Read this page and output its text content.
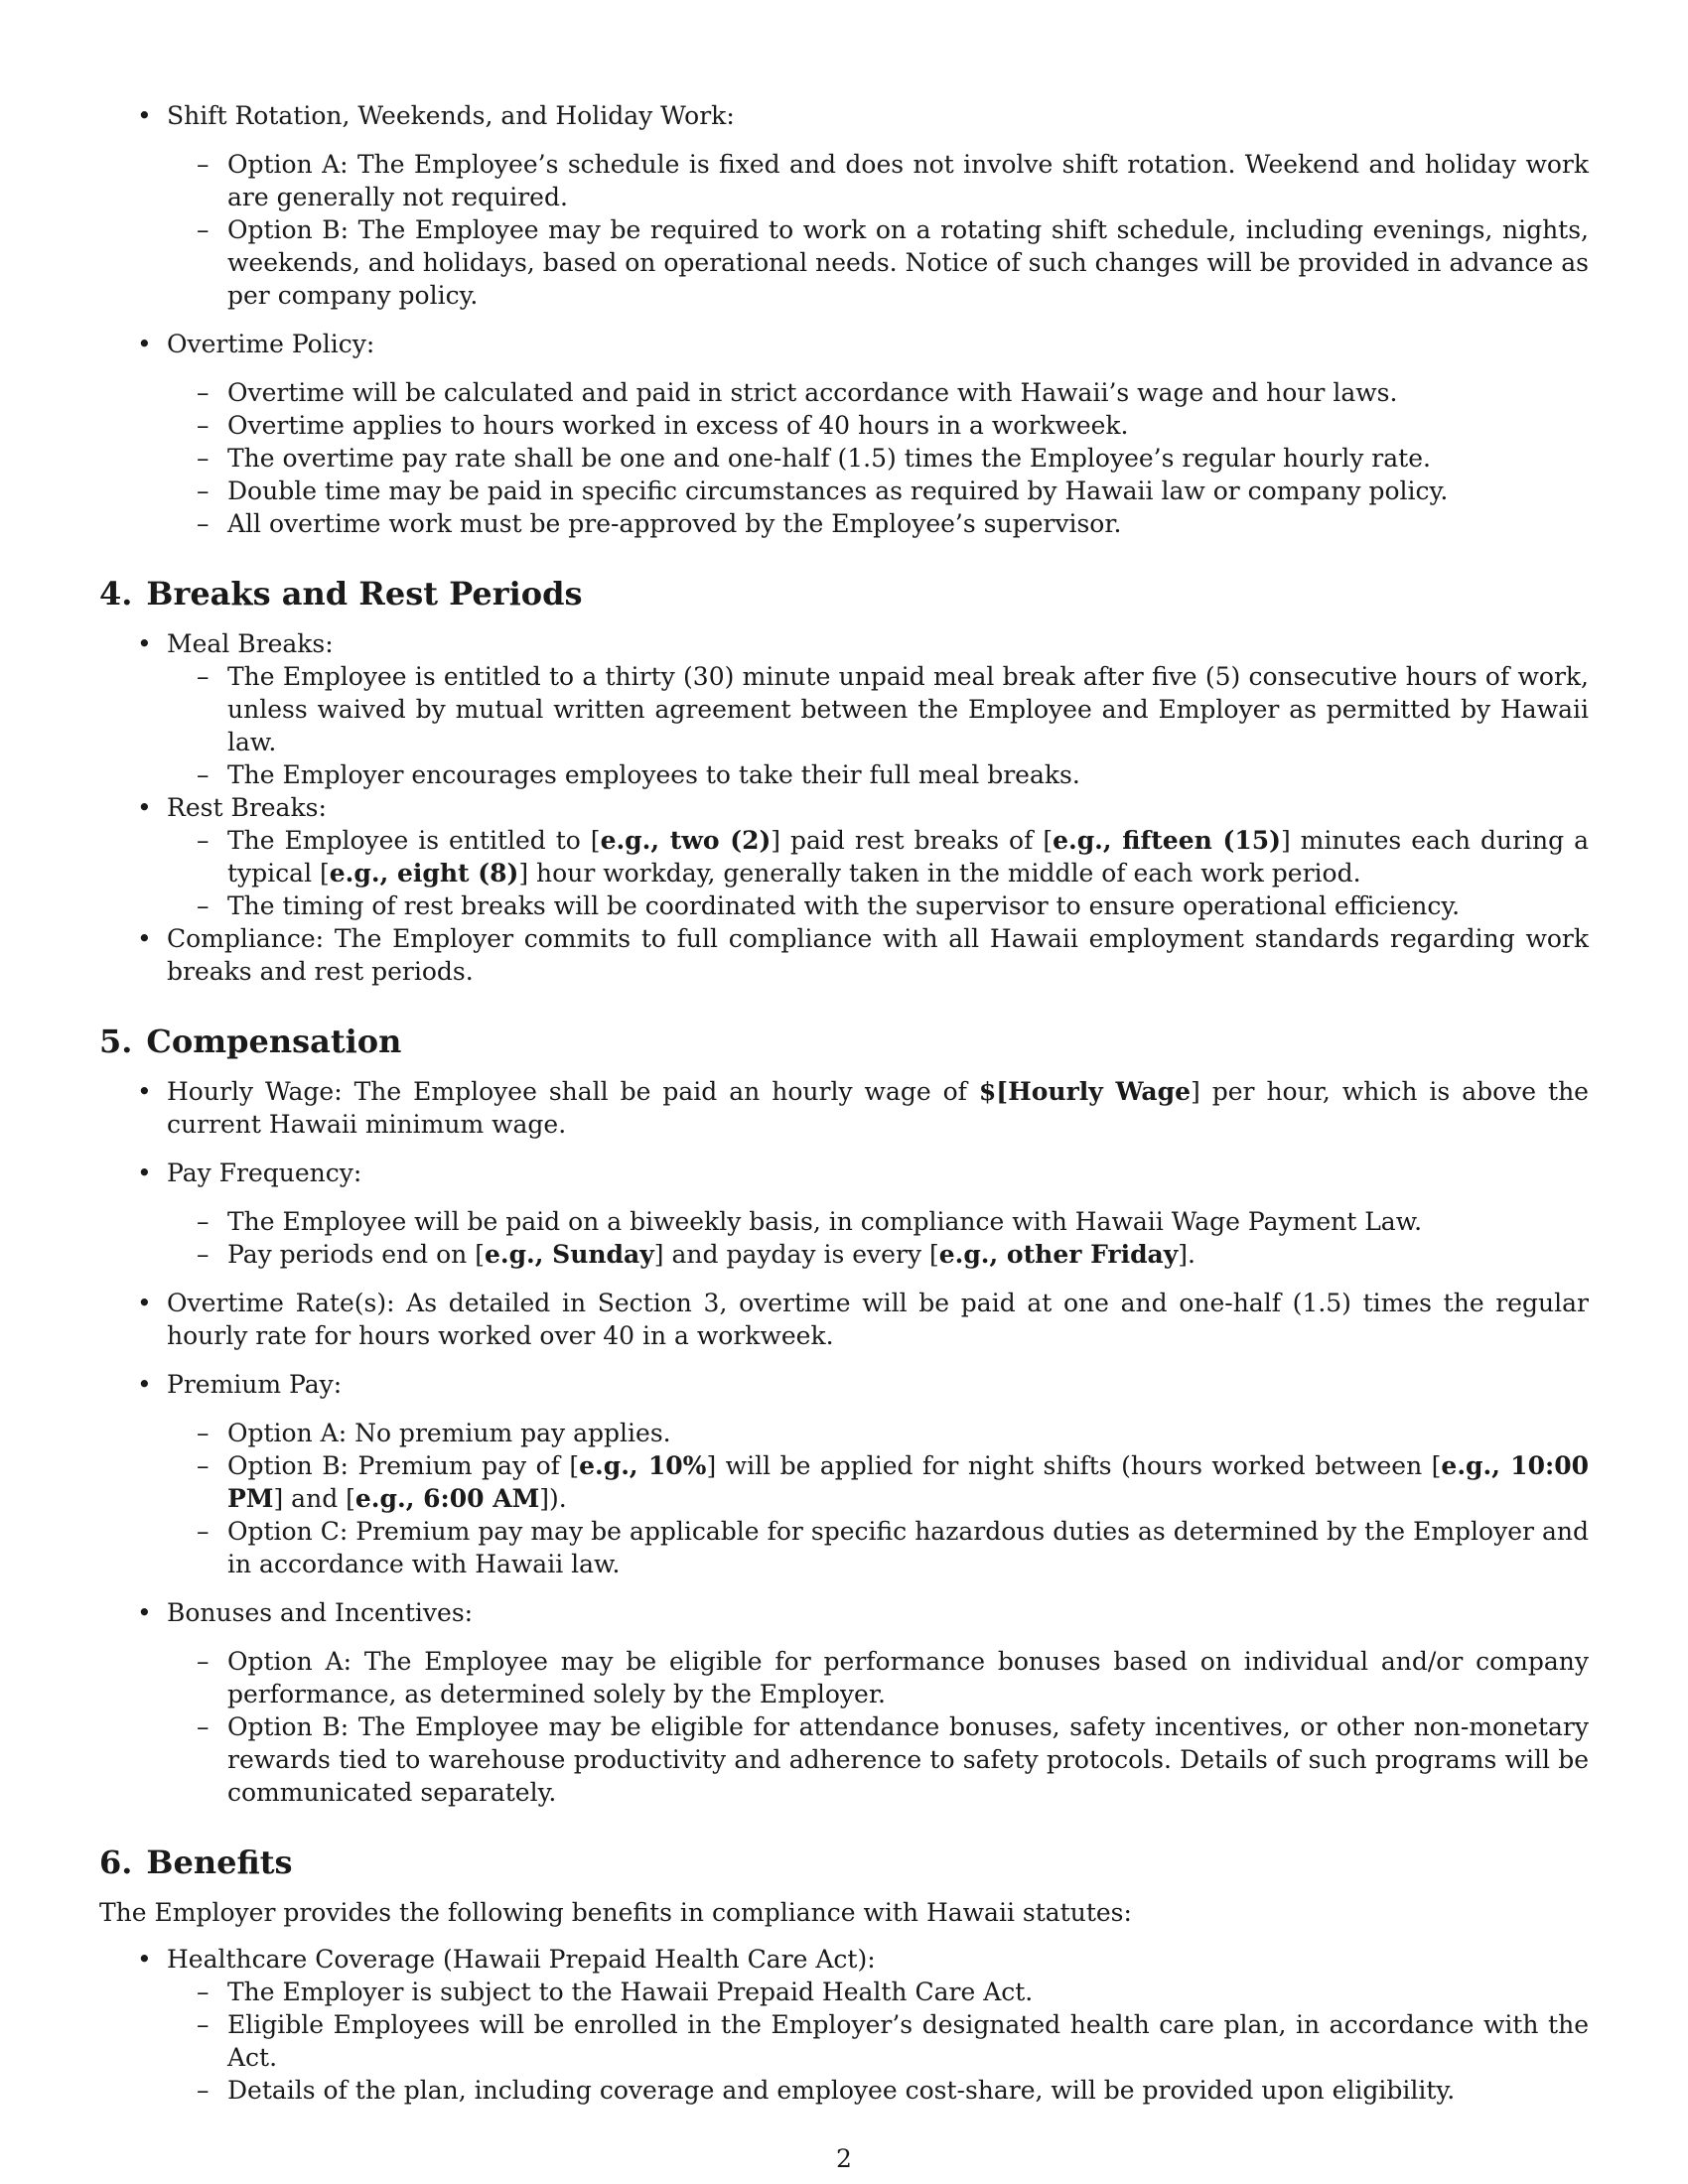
• Shift Rotation, Weekends, and Holiday Work:
– Option A: The Employee’s schedule is fixed and does not involve shift rotation. Weekend and holiday work are generally not required.
– Option B: The Employee may be required to work on a rotating shift schedule, including evenings, nights, weekends, and holidays, based on operational needs. Notice of such changes will be provided in advance as per company policy.
• Overtime Policy:
– Overtime will be calculated and paid in strict accordance with Hawaii’s wage and hour laws.
– Overtime applies to hours worked in excess of 40 hours in a workweek.
– The overtime pay rate shall be one and one-half (1.5) times the Employee’s regular hourly rate.
– Double time may be paid in specific circumstances as required by Hawaii law or company policy.
– All overtime work must be pre-approved by the Employee’s supervisor.
4. Breaks and Rest Periods
• Meal Breaks:
– The Employee is entitled to a thirty (30) minute unpaid meal break after five (5) consecutive hours of work, unless waived by mutual written agreement between the Employee and Employer as permitted by Hawaii law.
– The Employer encourages employees to take their full meal breaks.
• Rest Breaks:
– The Employee is entitled to [e.g., two (2)] paid rest breaks of [e.g., fifteen (15)] minutes each during a typical [e.g., eight (8)] hour workday, generally taken in the middle of each work period.
– The timing of rest breaks will be coordinated with the supervisor to ensure operational efficiency.
• Compliance: The Employer commits to full compliance with all Hawaii employment standards regarding work breaks and rest periods.
5. Compensation
• Hourly Wage: The Employee shall be paid an hourly wage of $[Hourly Wage] per hour, which is above the current Hawaii minimum wage.
• Pay Frequency:
– The Employee will be paid on a biweekly basis, in compliance with Hawaii Wage Payment Law.
– Pay periods end on [e.g., Sunday] and payday is every [e.g., other Friday].
• Overtime Rate(s): As detailed in Section 3, overtime will be paid at one and one-half (1.5) times the regular hourly rate for hours worked over 40 in a workweek.
• Premium Pay:
– Option A: No premium pay applies.
– Option B: Premium pay of [e.g., 10%] will be applied for night shifts (hours worked between [e.g., 10:00 PM] and [e.g., 6:00 AM]).
– Option C: Premium pay may be applicable for specific hazardous duties as determined by the Employer and in accordance with Hawaii law.
• Bonuses and Incentives:
– Option A: The Employee may be eligible for performance bonuses based on individual and/or company performance, as determined solely by the Employer.
– Option B: The Employee may be eligible for attendance bonuses, safety incentives, or other non-monetary rewards tied to warehouse productivity and adherence to safety protocols. Details of such programs will be communicated separately.
6. Benefits

The Employer provides the following benefits in compliance with Hawaii statutes:

• Healthcare Coverage (Hawaii Prepaid Health Care Act):
– The Employer is subject to the Hawaii Prepaid Health Care Act.
– Eligible Employees will be enrolled in the Employer’s designated health care plan, in accordance with the Act.
– Details of the plan, including coverage and employee cost-share, will be provided upon eligibility.
2
